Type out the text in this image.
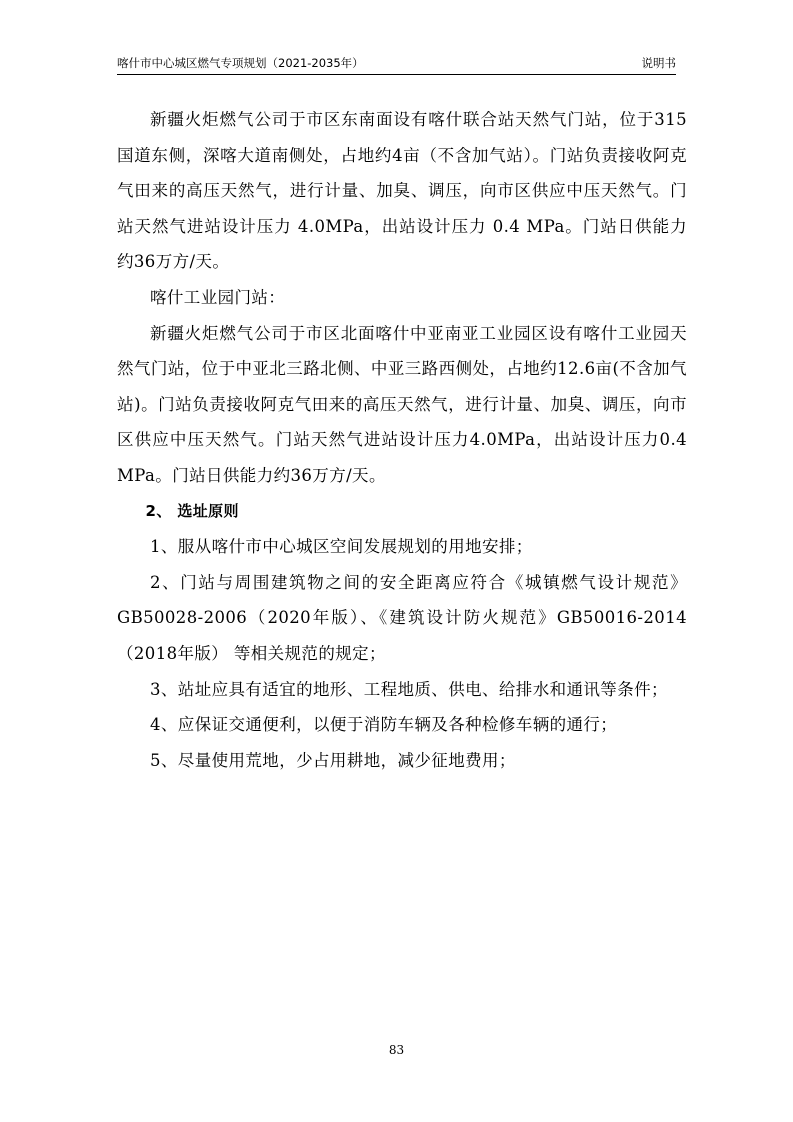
喀什市中心城区燃气专项规划（2021-2035年）	说明书

新疆火炬燃气公司于市区东南面设有喀什联合站天然气门站，位于315国道东侧，深喀大道南侧处，占地约4亩（不含加气站）。门站负责接收阿克气田来的高压天然气，进行计量、加臭、调压，向市区供应中压天然气。门站天然气进站设计压力 4.0MPa，出站设计压力 0.4 MPa。门站日供能力约36万方/天。

喀什工业园门站：

新疆火炬燃气公司于市区北面喀什中亚南亚工业园区设有喀什工业园天然气门站，位于中亚北三路北侧、中亚三路西侧处，占地约12.6亩(不含加气站)。门站负责接收阿克气田来的高压天然气，进行计量、加臭、调压，向市区供应中压天然气。门站天然气进站设计压力4.0MPa，出站设计压力0.4 MPa。门站日供能力约36万方/天。

2、 选址原则

1、服从喀什市中心城区空间发展规划的用地安排；

2、门站与周围建筑物之间的安全距离应符合《城镇燃气设计规范》GB50028-2006（2020年版）、《建筑设计防火规范》GB50016-2014（2018年版） 等相关规范的规定；

3、站址应具有适宜的地形、工程地质、供电、给排水和通讯等条件；

4、应保证交通便利，以便于消防车辆及各种检修车辆的通行；

5、尽量使用荒地，少占用耕地，减少征地费用；

83
